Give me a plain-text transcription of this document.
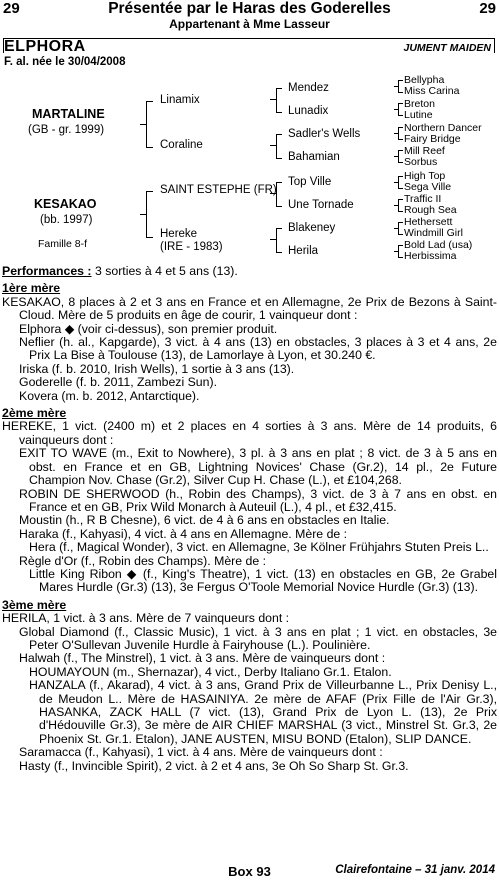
29	Présentée par le Haras des Goderelles	29
Appartenant à Mme Lasseur
ELPHORA	JUMENT MAIDEN
F. al. née le 30/04/2008
MARTALINE
(GB - gr. 1999)
KESAKAO
(bb. 1997)
Famille 8-f
Linamix
Coraline
SAINT ESTEPHE (FR)
Hereke
(IRE - 1983)
Mendez
Lunadix
Sadler's Wells
Bahamian
Top Ville
Une Tornade
Blakeney
Herila
Bellypha
Miss Carina
Breton
Lutine
Northern Dancer
Fairy Bridge
Mill Reef
Sorbus
High Top
Sega Ville
Traffic II
Rough Sea
Hethersett
Windmill Girl
Bold Lad (usa)
Herbissima

Performances : 3 sorties à 4 et 5 ans (13).

1ère mère

KESAKAO, 8 places à 2 et 3 ans en France et en Allemagne, 2e Prix de Bezons à Saint-Cloud. Mère de 5 produits en âge de courir, 1 vainqueur dont :

Elphora ◆ (voir ci-dessus), son premier produit.

Neflier (h. al., Kapgarde), 3 vict. à 4 ans (13) en obstacles, 3 places à 3 et 4 ans, 2e Prix La Bise à Toulouse (13), de Lamorlaye à Lyon, et 30.240 €.

Iriska (f. b. 2010, Irish Wells), 1 sortie à 3 ans (13).

Goderelle (f. b. 2011, Zambezi Sun).

Kovera (m. b. 2012, Antarctique).

2ème mère

HEREKE, 1 vict. (2400 m) et 2 places en 4 sorties à 3 ans. Mère de 14 produits, 6 vainqueurs dont :

EXIT TO WAVE (m., Exit to Nowhere), 3 pl. à 3 ans en plat ; 8 vict. de 3 à 5 ans en obst. en France et en GB, Lightning Novices' Chase (Gr.2), 14 pl., 2e Future Champion Nov. Chase (Gr.2), Silver Cup H. Chase (L.), et £104,268.

ROBIN DE SHERWOOD (h., Robin des Champs), 3 vict. de 3 à 7 ans en obst. en France et en GB, Prix Wild Monarch à Auteuil (L.), 4 pl., et £32,415.

Moustin (h., R B Chesne), 6 vict. de 4 à 6 ans en obstacles en Italie.

Haraka (f., Kahyasi), 4 vict. à 4 ans en Allemagne. Mère de :

Hera (f., Magical Wonder), 3 vict. en Allemagne, 3e Kölner Frühjahrs Stuten Preis L..

Règle d'Or (f., Robin des Champs). Mère de :

Little King Ribon ◆ (f., King's Theatre), 1 vict. (13) en obstacles en GB, 2e Grabel Mares Hurdle (Gr.3) (13), 3e Fergus O'Toole Memorial Novice Hurdle (Gr.3) (13).

3ème mère

HERILA, 1 vict. à 3 ans. Mère de 7 vainqueurs dont :

Global Diamond (f., Classic Music), 1 vict. à 3 ans en plat ; 1 vict. en obstacles, 3e Peter O'Sullevan Juvenile Hurdle à Fairyhouse (L.). Poulinière.

Halwah (f., The Minstrel), 1 vict. à 3 ans. Mère de vainqueurs dont :

HOUMAYOUN (m., Shernazar), 4 vict., Derby Italiano Gr.1. Etalon.

HANZALA (f., Akarad), 4 vict. à 3 ans, Grand Prix de Villeurbanne L., Prix Denisy L., de Meudon L.. Mère de HASAINIYA. 2e mère de AFAF (Prix Fille de l'Air Gr.3), HASANKA, ZACK HALL (7 vict. (13), Grand Prix de Lyon L. (13), 2e Prix d'Hédouville Gr.3), 3e mère de AIR CHIEF MARSHAL (3 vict., Minstrel St. Gr.3, 2e Phoenix St. Gr.1. Etalon), JANE AUSTEN, MISU BOND (Etalon), SLIP DANCE.

Saramacca (f., Kahyasi), 1 vict. à 4 ans. Mère de vainqueurs dont :

Hasty (f., Invincible Spirit), 2 vict. à 2 et 4 ans, 3e Oh So Sharp St. Gr.3.

Box 93	Clairefontaine – 31 janv. 2014
